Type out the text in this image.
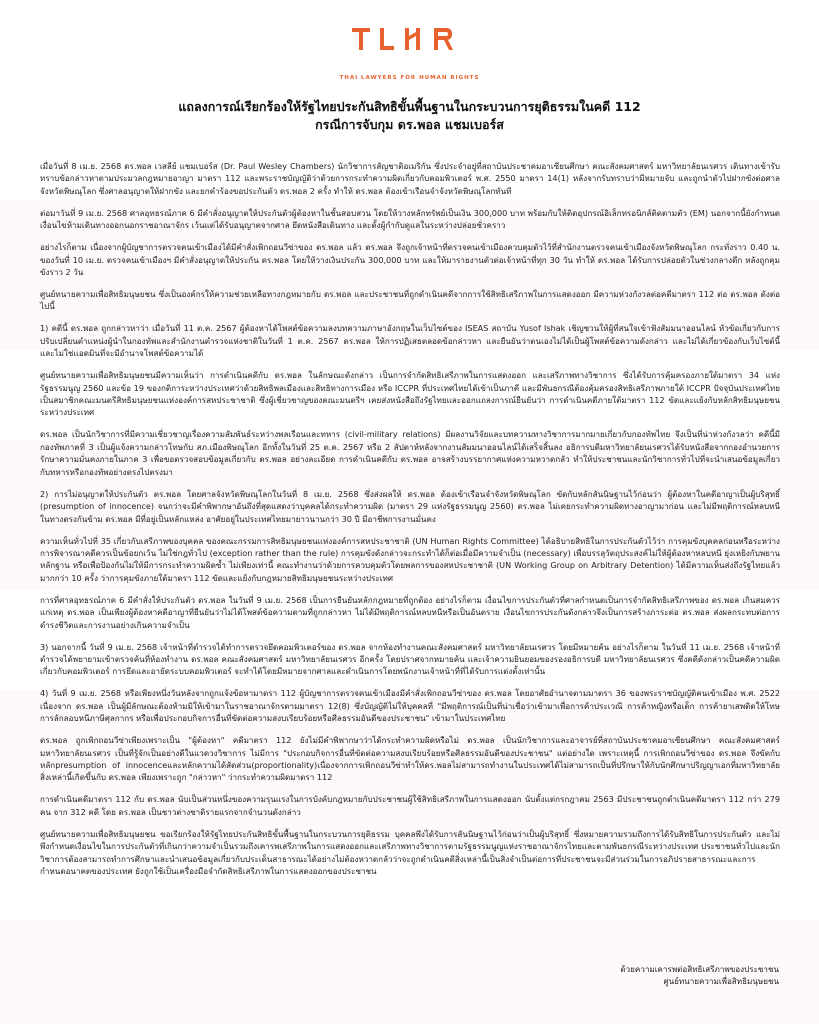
THAI LAWYERS FOR HUMAN RIGHTS
แถลงการณ์เรียกร้องให้รัฐไทยประกันสิทธิขั้นพื้นฐานในกระบวนการยุติธรรมในคดี 112
กรณีการจับกุม ดร.พอล แชมเบอร์ส

เมื่อวันที่ 8 เม.ย. 2568 ดร.พอล เวสลีย์ แชมเบอร์ส (Dr. Paul Wesley Chambers) นักวิชาการสัญชาติอเมริกัน ซึ่งประจำอยู่ที่สถาบันประชาคมอาเซียนศึกษา คณะสังคมศาสตร์ มหาวิทยาลัยนเรศวร เดินทางเข้ารับทราบข้อกล่าวหาตามประมวลกฎหมายอาญา มาตรา 112 และพระราชบัญญัติว่าด้วยการกระทำความผิดเกี่ยวกับคอมพิวเตอร์ พ.ศ. 2550 มาตรา 14(1) หลังจากรับทราบว่ามีหมายจับ และถูกนำตัวไปฝากขังต่อศาลจังหวัดพิษณุโลก ซึ่งศาลอนุญาตให้ฝากขัง และยกคำร้องขอประกันตัว ดร.พอล 2 ครั้ง ทำให้ ดร.พอล ต้องเข้าเรือนจำจังหวัดพิษณุโลกทันที

ต่อมาวันที่ 9 เม.ย. 2568 ศาลอุทธรณ์ภาค 6 มีคำสั่งอนุญาตให้ประกันตัวผู้ต้องหาในชั้นสอบสวน โดยให้วางหลักทรัพย์เป็นเงิน 300,000 บาท พร้อมกับให้ติดอุปกรณ์อิเล็กทรอนิกส์ติดตามตัว (EM) นอกจากนี้ยังกำหนดเงื่อนไขห้ามเดินทางออกนอกราชอาณาจักร เว้นแต่ได้รับอนุญาตจากศาล ยึดหนังสือเดินทาง และตั้งผู้กำกับดูแลในระหว่างปล่อยชั่วคราว

อย่างไรก็ตาม เนื่องจากผู้บัญชาการตรวจคนเข้าเมืองได้มีคำสั่งเพิกถอนวีซ่าของ ดร.พอล แล้ว ดร.พอล จึงถูกเจ้าหน้าที่ตรวจคนเข้าเมืองควบคุมตัวไว้ที่สำนักงานตรวจคนเข้าเมืองจังหวัดพิษณุโลก กระทั่งราว 0.40 น. ของวันที่ 10 เม.ย. ตรวจคนเข้าเมืองฯ มีคำสั่งอนุญาตให้ประกัน ดร.พอล โดยให้วางเงินประกัน 300,000 บาท และให้มารายงานตัวต่อเจ้าหน้าที่ทุก 30 วัน ทำให้ ดร.พอล ได้รับการปล่อยตัวในช่วงกลางดึก หลังถูกคุมขังราว 2 วัน

ศูนย์ทนายความเพื่อสิทธิมนุษยชน ซึ่งเป็นองค์กรให้ความช่วยเหลือทางกฎหมายกับ ดร.พอล และประชาชนที่ถูกดำเนินคดีจากการใช้สิทธิเสรีภาพในการแสดงออก มีความห่วงกังวลต่อคดีมาตรา 112 ต่อ ดร.พอล ดังต่อไปนี้

1) คดีนี้ ดร.พอล ถูกกล่าวหาว่า เมื่อวันที่ 11 ต.ค. 2567 ผู้ต้องหาได้โพสต์ข้อความลงบทความภาษาอังกฤษในเว็บไซต์ของ ISEAS สถาบัน Yusof Ishak เชิญชวนให้ผู้ที่สนใจเข้าฟังสัมมนาออนไลน์ หัวข้อเกี่ยวกับการปรับเปลี่ยนตำแหน่งผู้นำในกองทัพและสำนักงานตำรวจแห่งชาติในวันที่ 1 ต.ค. 2567 ดร.พอล ให้การปฏิเสธตลอดข้อกล่าวหา และยืนยันว่าตนเองไม่ได้เป็นผู้โพสต์ข้อความดังกล่าว และไม่ได้เกี่ยวข้องกับเว็บไซต์นี้ และไม่ใช่เเอดมินที่จะมีอำนาจโพสต์ข้อความได้

ศูนย์ทนายความเพื่อสิทธิมนุษยชนมีความเห็นว่า การดำเนินคดีกับ ดร.พอล ในลักษณะดังกล่าว เป็นการจำกัดสิทธิเสรีภาพในการแสดงออก และเสรีภาพทางวิชาการ ซึ่งได้รับการคุ้มครองภายใต้มาตรา 34 แห่งรัฐธรรมนูญ 2560 และข้อ 19 ของกติการะหว่างประเทศว่าด้วยสิทธิพลเมืองและสิทธิทางการเมือง หรือ ICCPR ที่ประเทศไทยได้เข้าเป็นภาคี และมีพันธกรณีต้องคุ้มครองสิทธิเสรีภาพภายใต้ ICCPR ปัจจุบันประเทศไทยเป็นสมาชิกคณะมนตรีสิทธิมนุษยชนแห่งองค์การสหประชาชาติ ซึ่งผู้เชี่ยวชาญของคณะมนตรีฯ เคยส่งหนังสือถึงรัฐไทยและออกแถลงการณ์ยืนยันว่า การดำเนินคดีภายใต้มาตรา 112 ขัดและแย้งกับหลักสิทธิมนุษยชนระหว่างประเทศ

ดร.พอล เป็นนักวิชาการที่มีความเชี่ยวชาญเรื่องความสัมพันธ์ระหว่างพลเรือนและทหาร (civil-military relations) มีผลงานวิจัยและบทความทางวิชาการมากมายเกี่ยวกับกองทัพไทย จึงเป็นที่น่าห่วงกังวลว่า คดีนี้มีกองทัพภาคที่ 3 เป็นผู้แจ้งความกล่าวโทษกับ สภ.เมืองพิษณุโลก อีกทั้งในวันที่ 25 ต.ค. 2567 หรือ 2 สัปดาห์หลังจากงานสัมมนาออนไลน์ได้เสร็จสิ้นลง อธิการบดีมหาวิทยาลัยนเรศวรได้รับหนังสือจากกองอำนวยการรักษาความมั่นคงภายในภาค 3 เพื่อขอตรวจสอบข้อมูลเกี่ยวกับ ดร.พอล อย่างละเอียด การดำเนินคดีกับ ดร.พอล อาจสร้างบรรยากาศแห่งความหวาดกลัว ทำให้ประชาชนและนักวิชาการทั่วไปที่จะนำเสนอข้อมูลเกี่ยวกับทหารหรือกองทัพอย่างตรงไปตรงมา

2) การไม่อนุญาตให้ประกันตัว ดร.พอล โดยศาลจังหวัดพิษณุโลกในวันที่ 8 เม.ย. 2568 ซึ่งส่งผลให้ ดร.พอล ต้องเข้าเรือนจำจังหวัดพิษณุโลก ขัดกับหลักสันนิษฐานไว้ก่อนว่า ผู้ต้องหาในคดีอาญาเป็นผู้บริสุทธิ์ (presumption of innocence) จนกว่าจะมีคำพิพากษาอันถึงที่สุดแสดงว่าบุคคลได้กระทำความผิด (มาตรา 29 แห่งรัฐธรรมนูญ 2560) ดร.พอล ไม่เคยกระทำความผิดทางอาญามาก่อน และไม่มีพฤติการณ์หลบหนี ในทางตรงกันข้าม ดร.พอล มีที่อยู่เป็นหลักแหล่ง อาศัยอยู่ในประเทศไทยมายาวนานกว่า 30 ปี มีอาชีพการงานมั่นคง

ความเห็นทั่วไปที่ 35 เกี่ยวกับเสรีภาพของบุคคล ของคณะกรรมการสิทธิมนุษยชนแห่งองค์การสหประชาชาติ (UN Human Rights Committee) ได้อธิบายสิทธิในการประกันตัวไว้ว่า การคุมขังบุคคลก่อนหรือระหว่างการพิจารณาคดีควรเป็นข้อยกเว้น ไม่ใช่กฎทั่วไป (exception rather than the rule) การคุมขังดังกล่าวจะกระทำได้ก็ต่อเมื่อมีความจำเป็น (necessary) เพื่อบรรลุวัตถุประสงค์ไม่ให้ผู้ต้องหาหลบหนี ยุ่งเหยิงกับพยานหลักฐาน หรือเพื่อป้องกันไม่ให้มีการกระทำความผิดซ้ำ ไม่เพียงเท่านี้ คณะทำงานว่าด้วยการควบคุมตัวโดยพลการของสหประชาชาติ (UN Working Group on Arbitrary Detention) ได้มีความเห็นส่งถึงรัฐไทยแล้วมากกว่า 10 ครั้ง ว่าการคุมขังภายใต้มาตรา 112 ขัดและแย้งกับกฎหมายสิทธิมนุษยชนระหว่างประเทศ

การที่ศาลอุทธรณ์ภาค 6 มีคำสั่งให้ประกันตัว ดร.พอล ในวันที่ 9 เม.ย. 2568 เป็นการยืนยันหลักกฎหมายที่ถูกต้อง อย่างไรก็ตาม เงื่อนไขการประกันตัวที่ศาลกำหนดเป็นการจำกัดสิทธิเสรีภาพของ ดร.พอล เกินสมควรแก่เหตุ ดร.พอล เป็นเพียงผู้ต้องหาคดีอาญาที่ยืนยันว่าไม่ได้โพสต์ข้อความตามที่ถูกกล่าวหา ไม่ได้มีพฤติการณ์หลบหนีหรือเป็นอันตราย เงื่อนไขการประกันดังกล่าวจึงเป็นการสร้างภาระต่อ ดร.พอล ส่งผลกระทบต่อการดำรงชีวิตและการงานอย่างเกินความจำเป็น

3) นอกจากนี้ วันที่ 9 เม.ย. 2568 เจ้าหน้าที่ตำรวจได้ทำการตรวจยึดคอมพิวเตอร์ของ ดร.พอล จากห้องทำงานคณะสังคมศาสตร์ มหาวิทยาลัยนเรศวร โดยมีหมายค้น อย่างไรก็ตาม ในวันที่ 11 เม.ย. 2568 เจ้าหน้าที่ตำรวจได้พยายามเข้าตรวจค้นที่ห้องทำงาน ดร.พอล คณะสังคมศาสตร์ มหาวิทยาลัยนเรศวร อีกครั้ง โดยปราศจากหมายค้น และเจ้าความยินยอมของรองอธิการบดี มหาวิทยาลัยนเรศวร ซึ่งคดีดังกล่าวเป็นคดีความผิดเกี่ยวกับคอมพิวเตอร์ การยึดและอายัดระบบคอมพิวเตอร์ จะทำได้โดยมีหมายจากศาลและดำเนินการโดยพนักงานเจ้าหน้าที่ที่ได้รับการแต่งตั้งเท่านั้น

4) วันที่ 9 เม.ย. 2568 หรือเพียงหนึ่งวันหลังจากถูกแจ้งข้อหามาตรา 112 ผู้บัญชาการตรวจคนเข้าเมืองมีคำสั่งเพิกถอนวีซ่าของ ดร.พอล โดยอาศัยอำนาจตามมาตรา 36 ของพระราชบัญญัติคนเข้าเมือง พ.ศ. 2522 เนื่องจาก ดร.พอล เป็นผู้มีลักษณะต้องห้ามมิให้เข้ามาในราชอาณาจักรตามมาตรา 12(8) ซึ่งบัญญัติไม่ให้บุคคลที่ "มีพฤติการณ์เป็นที่น่าเชื่อว่าเข้ามาเพื่อการค้าประเวณี การค้าหญิงหรือเด็ก การค้ายาเสพติดให้โทษ การลักลอบหนีภาษีศุลกากร หรือเพื่อประกอบกิจการอื่นที่ขัดต่อความสงบเรียบร้อยหรือศีลธรรมอันดีของประชาชน" เข้ามาในประเทศไทย

ดร.พอล ถูกเพิกถอนวีซ่าเพียงเพราะเป็น "ผู้ต้องหา" คดีมาตรา 112 ยังไม่มีคำพิพากษาว่าได้กระทำความผิดหรือไม่ ดร.พอล เป็นนักวิชาการและอาจารย์ที่สถาบันประชาคมอาเซียนศึกษา คณะสังคมศาสตร์ มหาวิทยาลัยนเรศวร เป็นที่รู้จักเป็นอย่างดีในแวดวงวิชาการ ไม่มีการ "ประกอบกิจการอื่นที่ขัดต่อความสงบเรียบร้อยหรือศีลธรรมอันดีของประชาชน" แต่อย่างใด เพราะเหตุนี้ การเพิกถอนวีซ่าของ ดร.พอล จึงขัดกับหลักpresumption of innocenceและหลักความได้สัดส่วน(proportionality)เนื่องจากการเพิกถอนวีซ่าทำให้ดร.พอลไม่สามารถทำงานในประเทศได้ไม่สามารถเป็นที่ปรึกษาให้กับนักศึกษาปริญญาเอกที่มหาวิทยาลัย สิ่งเหล่านี้เกิดขึ้นกับ ดร.พอล เพียงเพราะถูก "กล่าวหา" ว่ากระทำความผิดมาตรา 112

การดำเนินคดีมาตรา 112 กับ ดร.พอล นับเป็นส่วนหนึ่งของความรุนแรงในการบังคับกฎหมายกับประชาชนผู้ใช้สิทธิเสรีภาพในการแสดงออก นับตั้งแต่กรกฎาคม 2563 มีประชาชนถูกดำเนินคดีมาตรา 112 กว่า 279 คน จาก 312 คดี โดย ดร.พอล เป็นชาวต่างชาติรายแรกจากจำนวนดังกล่าว

ศูนย์ทนายความเพื่อสิทธิมนุษยชน ขอเรียกร้องให้รัฐไทยประกันสิทธิขั้นพื้นฐานในกระบวนการยุติธรรม บุคคลพึงได้รับการสันนิษฐานไว้ก่อนว่าเป็นผู้บริสุทธิ์ ซึ่งหมายความรวมถึงการได้รับสิทธิในการประกันตัว และไม่พึงกำหนดเงื่อนไขในการประกันตัวที่เกินกว่าความจำเป็นรวมถึงเคารพเสรีภาพในการแสดงออกและเสรีภาพทางวิชาการตามรัฐธรรมนูญแห่งราชอาณาจักรไทยและตามพันธกรณีระหว่างประเทศ ประชาชนทั่วไปและนักวิชาการต้องสามารถทำการศึกษาและนำเสนอข้อมูลเกี่ยวกับประเด็นสาธารณะได้อย่างไม่ต้องหวาดกลัวว่าจะถูกดำเนินคดีสิ่งเหล่านี้เป็นสิ่งจำเป็นต่อการที่ประชาชนจะมีส่วนร่วมในการอภิปรายสาธารณะและการกำหนดอนาคตของประเทศ ยังถูกใช้เป็นเครื่องมือจำกัดสิทธิเสรีภาพในการแสดงออกของประชาชน

ด้วยความเคารพต่อสิทธิเสรีภาพของประชาชน
ศูนย์ทนายความเพื่อสิทธิมนุษยชน
